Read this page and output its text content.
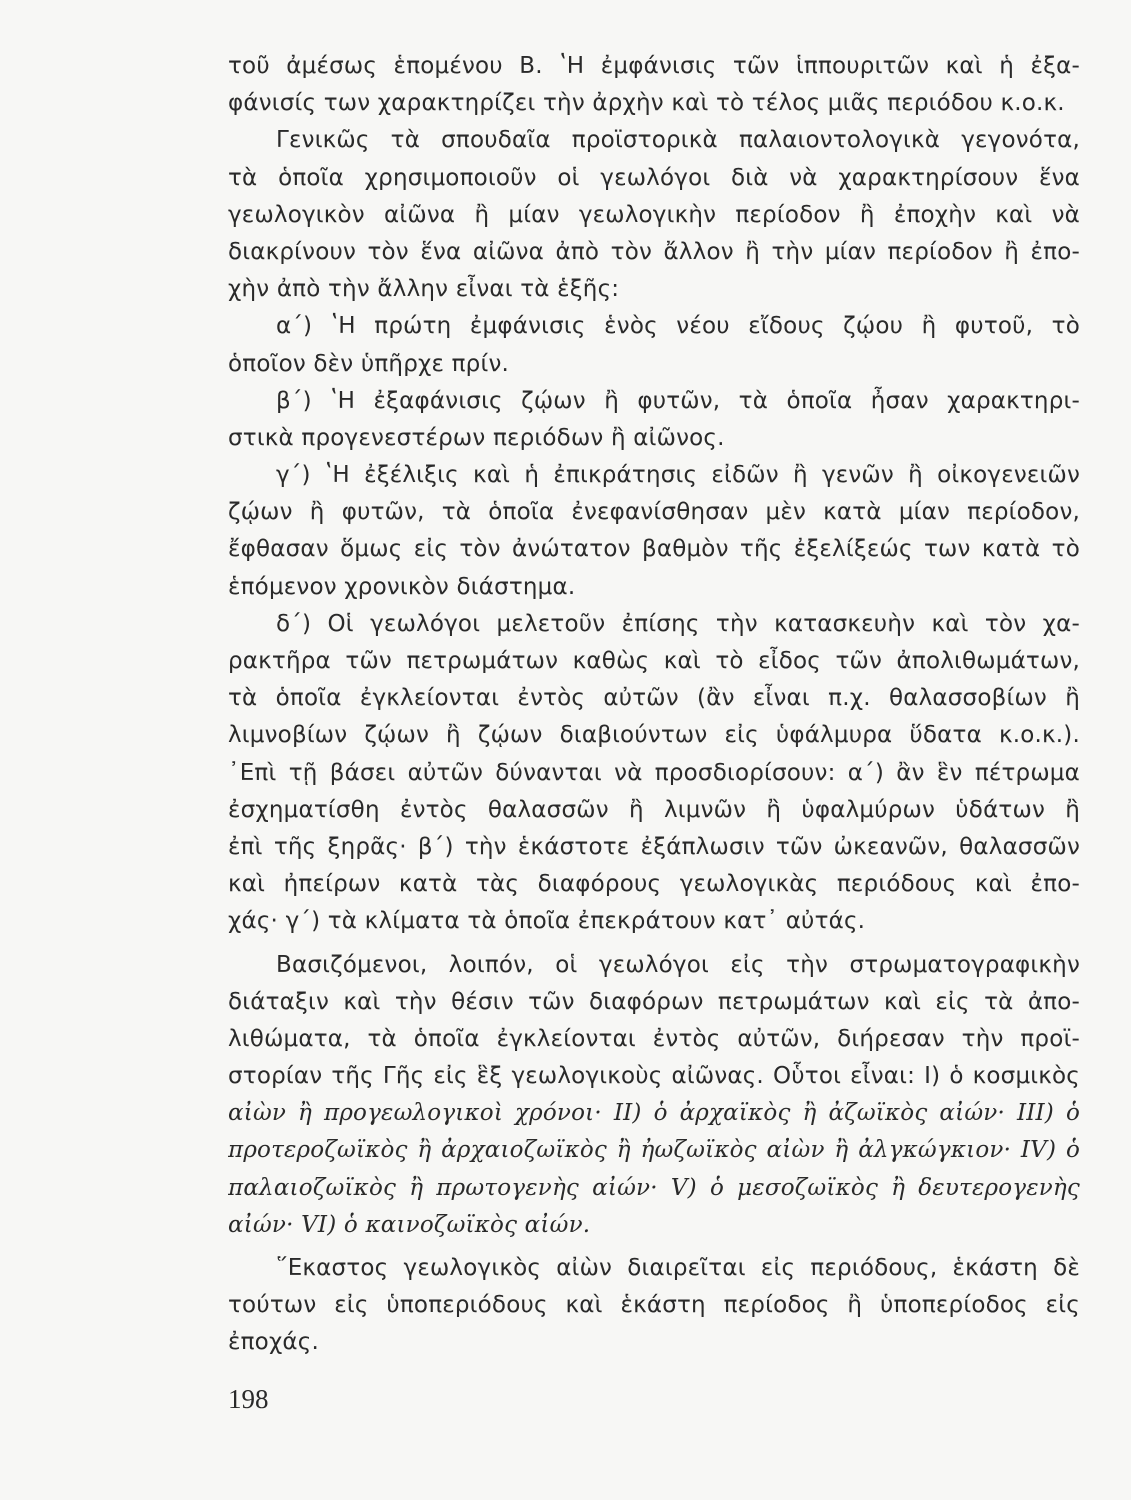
τοῦ ἀμέσως ἑπομένου Β. ʽΗ ἐμφάνισις τῶν ἱππουριτῶν καὶ ἡ ἐξα-
φάνισίς των χαρακτηρίζει τὴν ἀρχὴν καὶ τὸ τέλος μιᾶς περιόδου κ.ο.κ.
Γενικῶς τὰ σπουδαῖα προϊστορικὰ παλαιοντολογικὰ γεγονότα,
τὰ ὁποῖα χρησιμοποιοῦν οἱ γεωλόγοι διὰ νὰ χαρακτηρίσουν ἕνα
γεωλογικὸν αἰῶνα ἢ μίαν γεωλογικὴν περίοδον ἢ ἐποχὴν καὶ νὰ
διακρίνουν τὸν ἕνα αἰῶνα ἀπὸ τὸν ἄλλον ἢ τὴν μίαν περίοδον ἢ ἐπο-
χὴν ἀπὸ τὴν ἄλλην εἶναι τὰ ἑξῆς:
α΄) ʽΗ πρώτη ἐμφάνισις ἑνὸς νέου εἴδους ζῴου ἢ φυτοῦ, τὸ
ὁποῖον δὲν ὑπῆρχε πρίν.
β΄) ʽΗ ἐξαφάνισις ζῴων ἢ φυτῶν, τὰ ὁποῖα ἦσαν χαρακτηρι-
στικὰ προγενεστέρων περιόδων ἢ αἰῶνος.
γ΄) ʽΗ ἐξέλιξις καὶ ἡ ἐπικράτησις εἰδῶν ἢ γενῶν ἢ οἰκογενειῶν
ζῴων ἢ φυτῶν, τὰ ὁποῖα ἐνεφανίσθησαν μὲν κατὰ μίαν περίοδον,
ἔφθασαν ὅμως εἰς τὸν ἀνώτατον βαθμὸν τῆς ἐξελίξεώς των κατὰ τὸ
ἑπόμενον χρονικὸν διάστημα.
δ΄) Οἱ γεωλόγοι μελετοῦν ἐπίσης τὴν κατασκευὴν καὶ τὸν χα-
ρακτῆρα τῶν πετρωμάτων καθὼς καὶ τὸ εἶδος τῶν ἀπολιθωμάτων,
τὰ ὁποῖα ἐγκλείονται ἐντὸς αὐτῶν (ἂν εἶναι π.χ. θαλασσοβίων ἢ
λιμνοβίων ζῴων ἢ ζῴων διαβιούντων εἰς ὑφάλμυρα ὕδατα κ.ο.κ.).
᾿Επὶ τῇ βάσει αὐτῶν δύνανται νὰ προσδιορίσουν: α΄) ἂν ἓν πέτρωμα
ἐσχηματίσθη ἐντὸς θαλασσῶν ἢ λιμνῶν ἢ ὑφαλμύρων ὑδάτων ἢ
ἐπὶ τῆς ξηρᾶς· β΄) τὴν ἑκάστοτε ἐξάπλωσιν τῶν ὠκεανῶν, θαλασσῶν
καὶ ἠπείρων κατὰ τὰς διαφόρους γεωλογικὰς περιόδους καὶ ἐπο-
χάς· γ΄) τὰ κλίματα τὰ ὁποῖα ἐπεκράτουν κατ᾿ αὐτάς.
Βασιζόμενοι, λοιπόν, οἱ γεωλόγοι εἰς τὴν στρωματογραφικὴν
διάταξιν καὶ τὴν θέσιν τῶν διαφόρων πετρωμάτων καὶ εἰς τὰ ἀπο-
λιθώματα, τὰ ὁποῖα ἐγκλείονται ἐντὸς αὐτῶν, διήρεσαν τὴν προϊ-
στορίαν τῆς Γῆς εἰς ἓξ γεωλογικοὺς αἰῶνας. Οὗτοι εἶναι: I) ὁ κοσμικὸς
αἰὼν ἢ προγεωλογικοὶ χρόνοι· II) ὁ ἀρχαϊκὸς ἢ ἀζωϊκὸς αἰών· III) ὁ
προτεροζωϊκὸς ἢ ἀρχαιοζωϊκὸς ἢ ἠωζωϊκὸς αἰὼν ἢ ἀλγκώγκιον· IV) ὁ
παλαιοζωϊκὸς ἢ πρωτογενὴς αἰών· V) ὁ μεσοζωϊκὸς ἢ δευτερογενὴς
αἰών· VI) ὁ καινοζωϊκὸς αἰών.
῞Εκαστος γεωλογικὸς αἰὼν διαιρεῖται εἰς περιόδους, ἑκάστη δὲ
τούτων εἰς ὑποπεριόδους καὶ ἑκάστη περίοδος ἢ ὑποπερίοδος εἰς
ἐποχάς.
198
